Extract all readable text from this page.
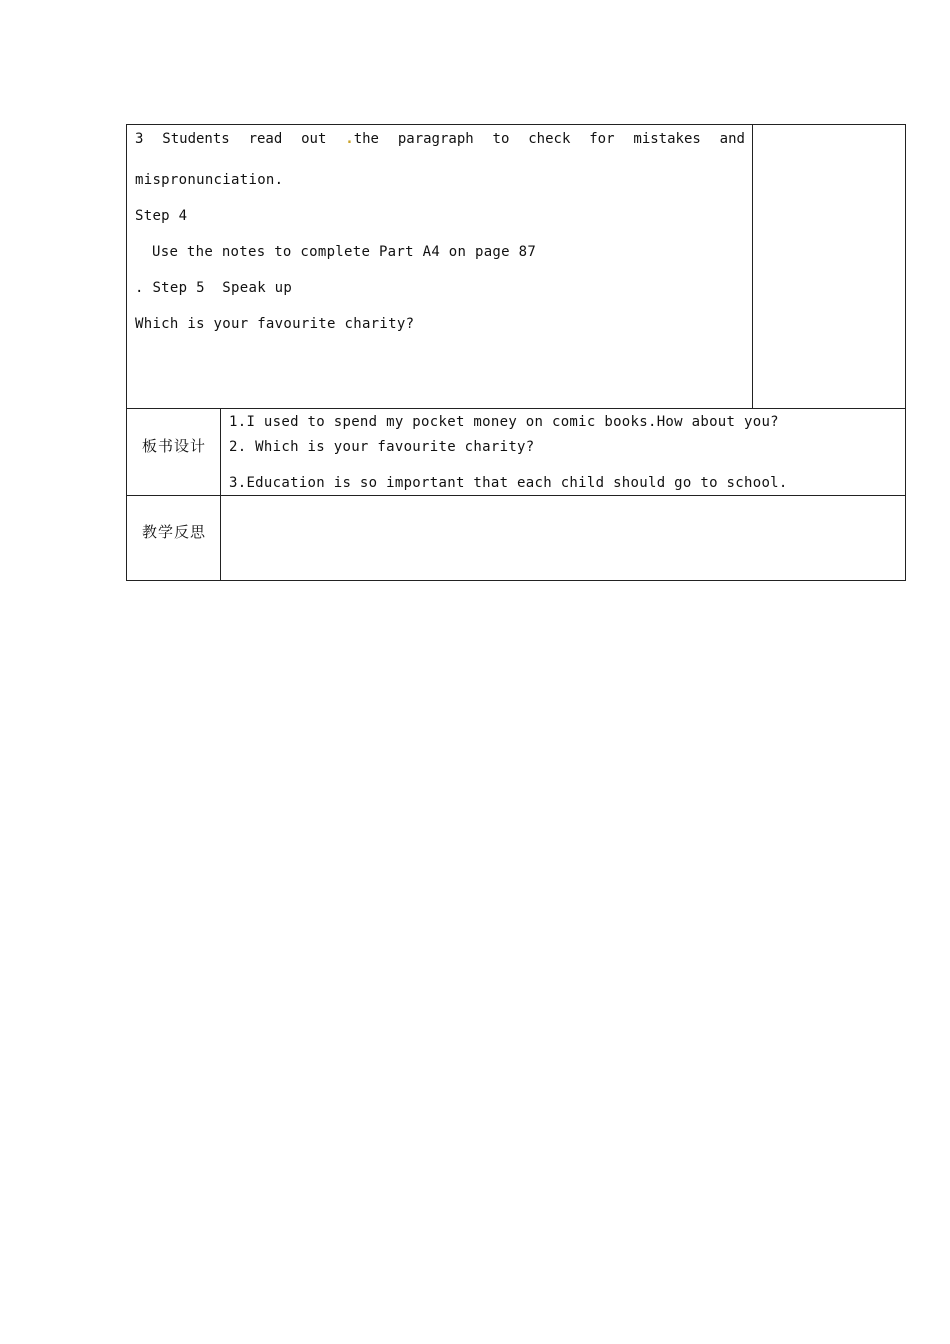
3 Students read out .the paragraph to check for mistakes and
mispronunciation.
Step 4
Use the notes to complete Part A4 on page 87
. Step 5  Speak up
Which is your favourite charity?
板书设计
1.I used to spend my pocket money on comic books.How about you?
2. Which is your favourite charity?
3.Education is so important that each child should go to school.
教学反思
